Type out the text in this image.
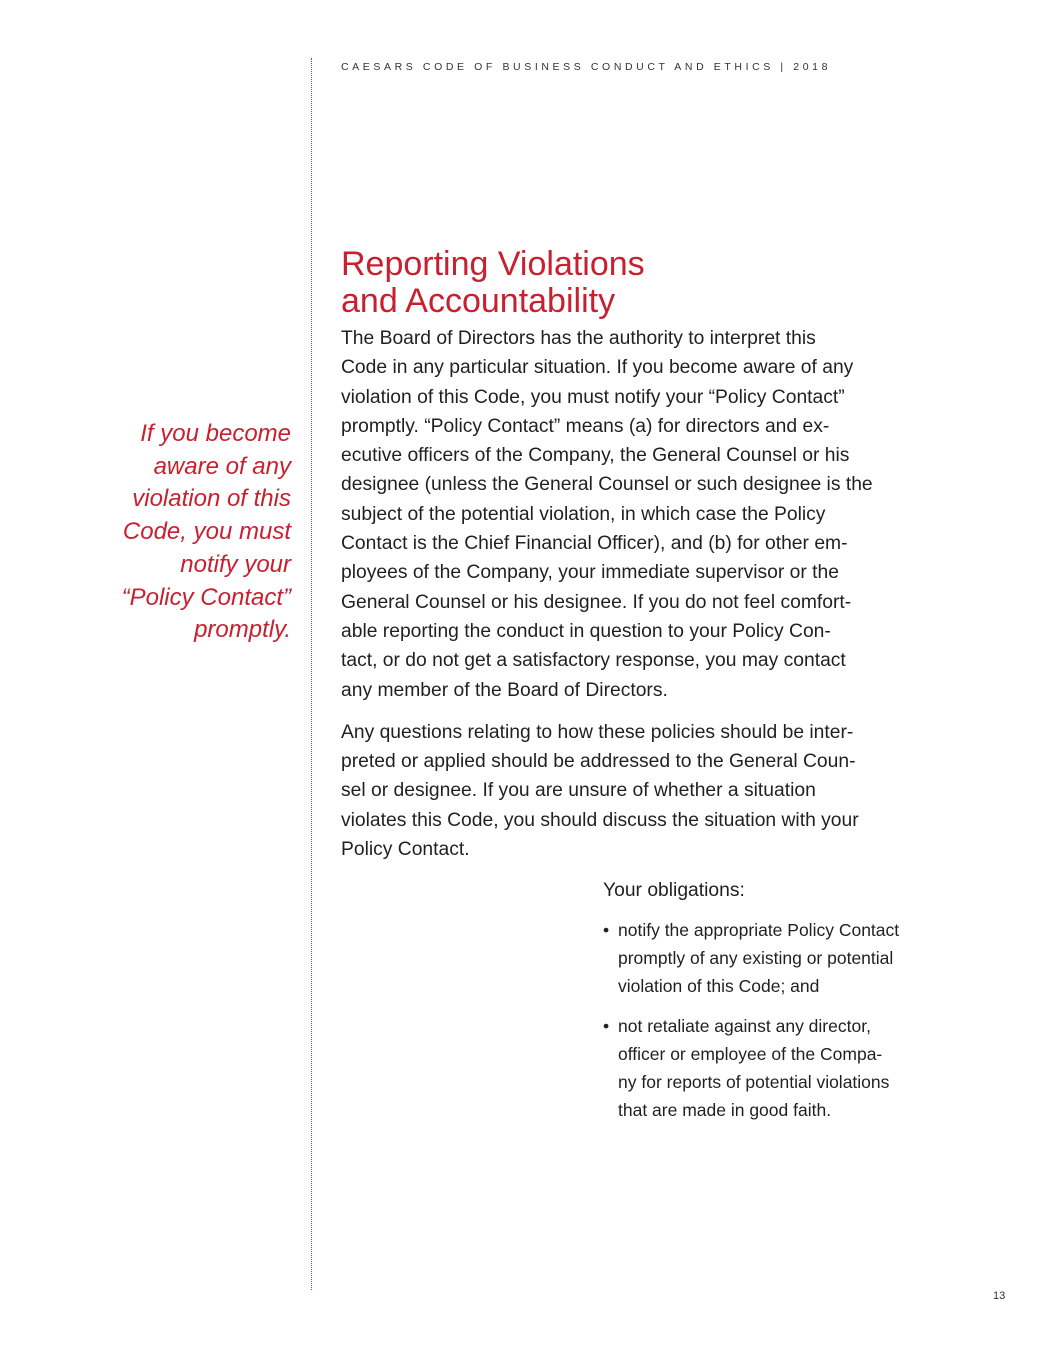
CAESARS CODE OF BUSINESS CONDUCT AND ETHICS | 2018
Reporting Violations
and Accountability

The Board of Directors has the authority to interpret this
Code in any particular situation. If you become aware of any
violation of this Code, you must notify your “Policy Contact”
promptly. “Policy Contact” means (a) for directors and ex-
ecutive officers of the Company, the General Counsel or his
designee (unless the General Counsel or such designee is the
subject of the potential violation, in which case the Policy
Contact is the Chief Financial Officer), and (b) for other em-
ployees of the Company, your immediate supervisor or the
General Counsel or his designee. If you do not feel comfort-
able reporting the conduct in question to your Policy Con-
tact, or do not get a satisfactory response, you may contact
any member of the Board of Directors.

Any questions relating to how these policies should be inter-
preted or applied should be addressed to the General Coun-
sel or designee. If you are unsure of whether a situation
violates this Code, you should discuss the situation with your
Policy Contact.

If you become
aware of any
violation of this
Code, you must
notify your
“Policy Contact”
promptly.
Your obligations:
• notify the appropriate Policy Contact
promptly of any existing or potential
violation of this Code; and
• not retaliate against any director,
officer or employee of the Compa-
ny for reports of potential violations
that are made in good faith.
13
